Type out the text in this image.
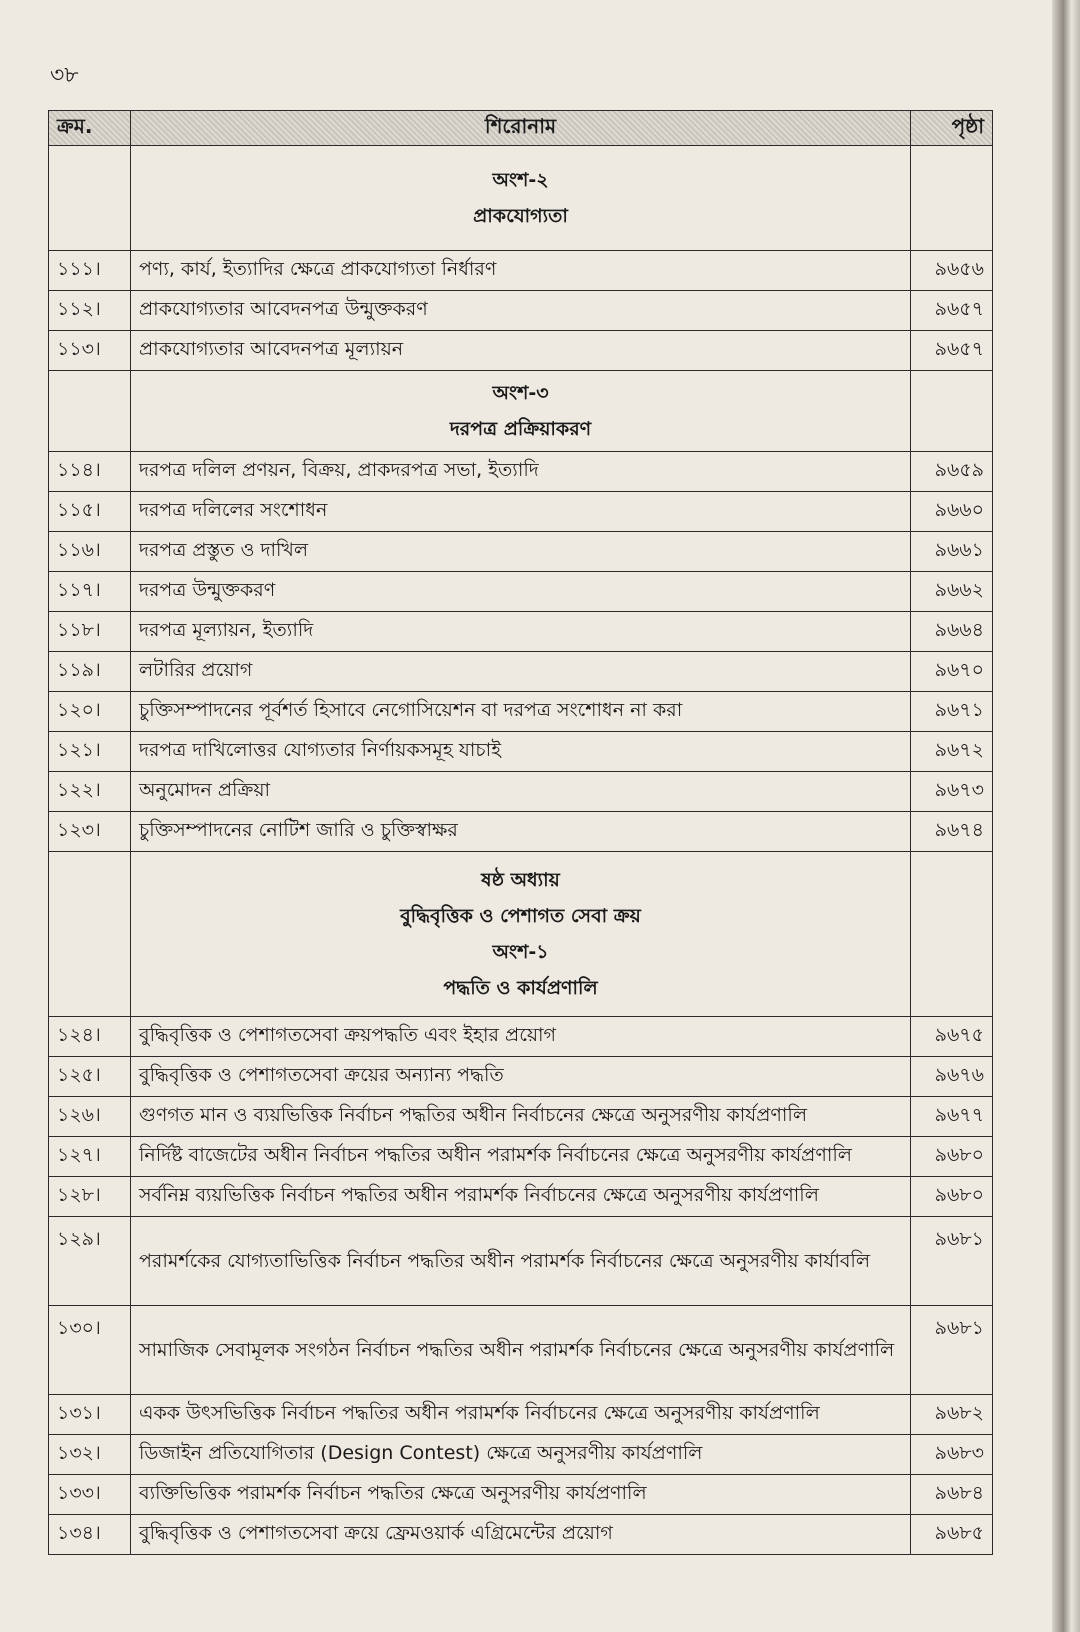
৩৮
ক্রম.	শিরোনাম	পৃষ্ঠা

	অংশ-২
প্রাকযোগ্যতা	

১১১।	পণ্য, কার্য, ইত্যাদির ক্ষেত্রে প্রাকযোগ্যতা নির্ধারণ	৯৬৫৬
১১২।	প্রাকযোগ্যতার আবেদনপত্র উন্মুক্তকরণ	৯৬৫৭
১১৩।	প্রাকযোগ্যতার আবেদনপত্র মূল্যায়ন	৯৬৫৭

	অংশ-৩
দরপত্র প্রক্রিয়াকরণ	

১১৪।	দরপত্র দলিল প্রণয়ন, বিক্রয়, প্রাকদরপত্র সভা, ইত্যাদি	৯৬৫৯
১১৫।	দরপত্র দলিলের সংশোধন	৯৬৬০
১১৬।	দরপত্র প্রস্তুত ও দাখিল	৯৬৬১
১১৭।	দরপত্র উন্মুক্তকরণ	৯৬৬২
১১৮।	দরপত্র মূল্যায়ন, ইত্যাদি	৯৬৬৪
১১৯।	লটারির প্রয়োগ	৯৬৭০
১২০।	চুক্তিসম্পাদনের পূর্বশর্ত হিসাবে নেগোসিয়েশন বা দরপত্র সংশোধন না করা	৯৬৭১
১২১।	দরপত্র দাখিলোত্তর যোগ্যতার নির্ণায়কসমূহ যাচাই	৯৬৭২
১২২।	অনুমোদন প্রক্রিয়া	৯৬৭৩
১২৩।	চুক্তিসম্পাদনের নোটিশ জারি ও চুক্তিস্বাক্ষর	৯৬৭৪

	ষষ্ঠ অধ্যায়
বুদ্ধিবৃত্তিক ও পেশাগত সেবা ক্রয়
অংশ-১
পদ্ধতি ও কার্যপ্রণালি	

১২৪।	বুদ্ধিবৃত্তিক ও পেশাগতসেবা ক্রয়পদ্ধতি এবং ইহার প্রয়োগ	৯৬৭৫
১২৫।	বুদ্ধিবৃত্তিক ও পেশাগতসেবা ক্রয়ের অন্যান্য পদ্ধতি	৯৬৭৬
১২৬।	গুণগত মান ও ব্যয়ভিত্তিক নির্বাচন পদ্ধতির অধীন নির্বাচনের ক্ষেত্রে অনুসরণীয় কার্যপ্রণালি	৯৬৭৭
১২৭।	নির্দিষ্ট বাজেটের অধীন নির্বাচন পদ্ধতির অধীন পরামর্শক নির্বাচনের ক্ষেত্রে অনুসরণীয় কার্যপ্রণালি	৯৬৮০
১২৮।	সর্বনিম্ন ব্যয়ভিত্তিক নির্বাচন পদ্ধতির অধীন পরামর্শক নির্বাচনের ক্ষেত্রে অনুসরণীয় কার্যপ্রণালি	৯৬৮০
১২৯।	পরামর্শকের যোগ্যতাভিত্তিক নির্বাচন পদ্ধতির অধীন পরামর্শক নির্বাচনের ক্ষেত্রে অনুসরণীয় কার্যাবলি	৯৬৮১
১৩০।	সামাজিক সেবামূলক সংগঠন নির্বাচন পদ্ধতির অধীন পরামর্শক নির্বাচনের ক্ষেত্রে অনুসরণীয় কার্যপ্রণালি	৯৬৮১
১৩১।	একক উৎসভিত্তিক নির্বাচন পদ্ধতির অধীন পরামর্শক নির্বাচনের ক্ষেত্রে অনুসরণীয় কার্যপ্রণালি	৯৬৮২
১৩২।	ডিজাইন প্রতিযোগিতার (Design Contest) ক্ষেত্রে অনুসরণীয় কার্যপ্রণালি	৯৬৮৩
১৩৩।	ব্যক্তিভিত্তিক পরামর্শক নির্বাচন পদ্ধতির ক্ষেত্রে অনুসরণীয় কার্যপ্রণালি	৯৬৮৪
১৩৪।	বুদ্ধিবৃত্তিক ও পেশাগতসেবা ক্রয়ে ফ্রেমওয়ার্ক এগ্রিমেন্টের প্রয়োগ	৯৬৮৫
